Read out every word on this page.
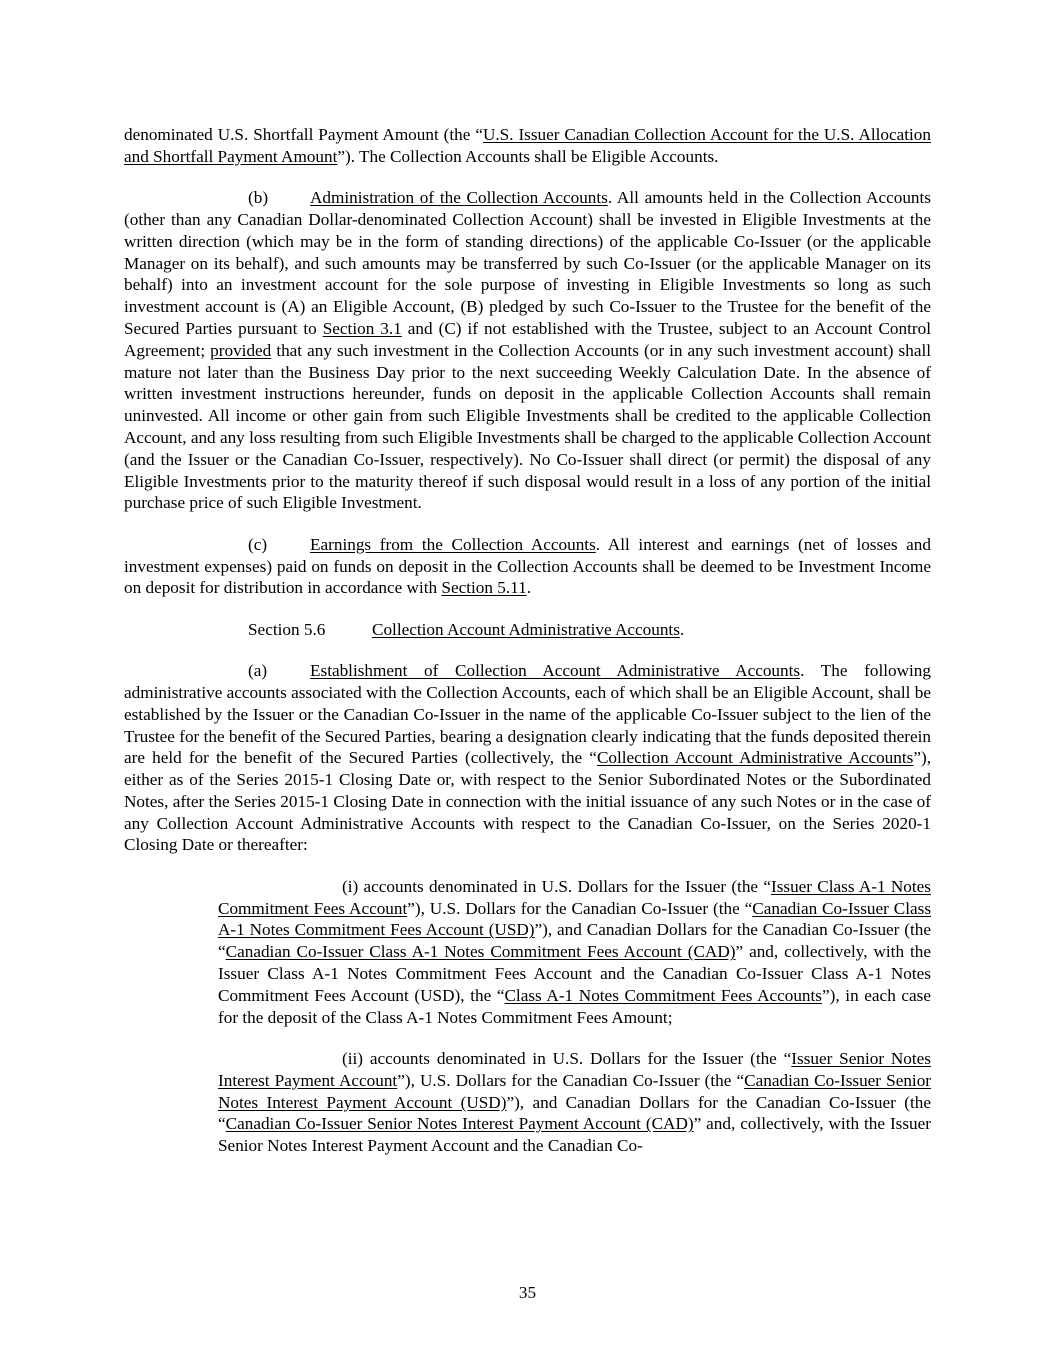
denominated U.S. Shortfall Payment Amount (the “U.S. Issuer Canadian Collection Account for the U.S. Allocation and Shortfall Payment Amount”). The Collection Accounts shall be Eligible Accounts.

(b) Administration of the Collection Accounts. All amounts held in the Collection Accounts (other than any Canadian Dollar-denominated Collection Account) shall be invested in Eligible Investments at the written direction (which may be in the form of standing directions) of the applicable Co-Issuer (or the applicable Manager on its behalf), and such amounts may be transferred by such Co-Issuer (or the applicable Manager on its behalf) into an investment account for the sole purpose of investing in Eligible Investments so long as such investment account is (A) an Eligible Account, (B) pledged by such Co-Issuer to the Trustee for the benefit of the Secured Parties pursuant to Section 3.1 and (C) if not established with the Trustee, subject to an Account Control Agreement; provided that any such investment in the Collection Accounts (or in any such investment account) shall mature not later than the Business Day prior to the next succeeding Weekly Calculation Date. In the absence of written investment instructions hereunder, funds on deposit in the applicable Collection Accounts shall remain uninvested. All income or other gain from such Eligible Investments shall be credited to the applicable Collection Account, and any loss resulting from such Eligible Investments shall be charged to the applicable Collection Account (and the Issuer or the Canadian Co-Issuer, respectively). No Co-Issuer shall direct (or permit) the disposal of any Eligible Investments prior to the maturity thereof if such disposal would result in a loss of any portion of the initial purchase price of such Eligible Investment.

(c) Earnings from the Collection Accounts. All interest and earnings (net of losses and investment expenses) paid on funds on deposit in the Collection Accounts shall be deemed to be Investment Income on deposit for distribution in accordance with Section 5.11.

Section 5.6	Collection Account Administrative Accounts.

(a) Establishment of Collection Account Administrative Accounts. The following administrative accounts associated with the Collection Accounts, each of which shall be an Eligible Account, shall be established by the Issuer or the Canadian Co-Issuer in the name of the applicable Co-Issuer subject to the lien of the Trustee for the benefit of the Secured Parties, bearing a designation clearly indicating that the funds deposited therein are held for the benefit of the Secured Parties (collectively, the “Collection Account Administrative Accounts”), either as of the Series 2015-1 Closing Date or, with respect to the Senior Subordinated Notes or the Subordinated Notes, after the Series 2015-1 Closing Date in connection with the initial issuance of any such Notes or in the case of any Collection Account Administrative Accounts with respect to the Canadian Co-Issuer, on the Series 2020-1 Closing Date or thereafter:

(i) accounts denominated in U.S. Dollars for the Issuer (the “Issuer Class A-1 Notes Commitment Fees Account”), U.S. Dollars for the Canadian Co-Issuer (the “Canadian Co-Issuer Class A-1 Notes Commitment Fees Account (USD)”), and Canadian Dollars for the Canadian Co-Issuer (the “Canadian Co-Issuer Class A-1 Notes Commitment Fees Account (CAD)” and, collectively, with the Issuer Class A-1 Notes Commitment Fees Account and the Canadian Co-Issuer Class A-1 Notes Commitment Fees Account (USD), the “Class A-1 Notes Commitment Fees Accounts”), in each case for the deposit of the Class A-1 Notes Commitment Fees Amount;

(ii) accounts denominated in U.S. Dollars for the Issuer (the “Issuer Senior Notes Interest Payment Account”), U.S. Dollars for the Canadian Co-Issuer (the “Canadian Co-Issuer Senior Notes Interest Payment Account (USD)”), and Canadian Dollars for the Canadian Co-Issuer (the “Canadian Co-Issuer Senior Notes Interest Payment Account (CAD)” and, collectively, with the Issuer Senior Notes Interest Payment Account and the Canadian Co-

35
